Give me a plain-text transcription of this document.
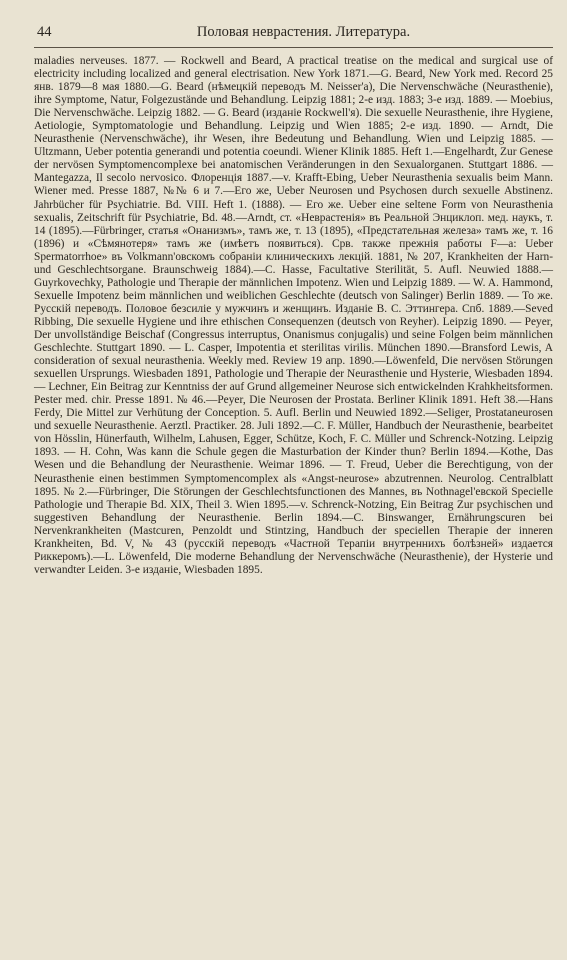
44	Половая неврастения. Литература.

maladies nerveuses. 1877. — Rockwell and Beard, A practical treatise on the medical and surgical use of electricity including localized and general electrisation. New York 1871.—G. Beard, New York med. Record 25 янв. 1879—8 мая 1880.—G. Beard (нѣмецкій переводъ M. Neisser'a), Die Nervenschwäche (Neurasthenie), ihre Symptome, Natur, Folgezustände und Behandlung. Leipzig 1881; 2-е изд. 1883; 3-е изд. 1889. — Moebius, Die Nervenschwäche. Leipzig 1882. — G. Beard (изданіе Rockwell'я). Die sexuelle Neurasthenie, ihre Hygiene, Aetiologie, Symptomatologie und Behandlung. Leipzig und Wien 1885; 2-е изд. 1890. — Arndt, Die Neurasthenie (Nervenschwäche), ihr Wesen, ihre Bedeutung und Behandlung. Wien und Leipzig 1885. — Ultzmann, Ueber potentia generandi und potentia coeundi. Wiener Klinik 1885. Heft 1.—Engelhardt, Zur Genese der nervösen Symptomencomplexe bei anatomischen Veränderungen in den Sexualorganen. Stuttgart 1886. — Mantegazza, Il secolo nervosico. Флоренція 1887.—v. Krafft-Ebing, Ueber Neurasthenia sexualis beim Mann. Wiener med. Presse 1887, №№ 6 и 7.—Его же, Ueber Neurosen und Psychosen durch sexuelle Abstinenz. Jahrbücher für Psychiatrie. Bd. VIII. Heft 1. (1888). — Его же. Ueber eine seltene Form von Neurasthenia sexualis, Zeitschrift für Psychiatrie, Bd. 48.—Arndt, ст. «Неврастенія» въ Реальной Энциклоп. мед. наукъ, т. 14 (1895).—Fürbringer, статья «Онанизмъ», тамъ же, т. 13 (1895), «Предстательная железа» тамъ же, т. 16 (1896) и «Сѣмянотеря» тамъ же (имѣетъ появиться). Срв. также прежнія работы F—a: Ueber Spermatorrhoe» въ Volkmann'овскомъ собраніи клиническихъ лекцій. 1881, № 207, Krankheiten der Harn- und Geschlechtsorgane. Braunschweig 1884).—C. Hasse, Facultative Sterilität, 5. Aufl. Neuwied 1888.—Guyrkovechky, Pathologie und Therapie der männlichen Impotenz. Wien und Leipzig 1889. — W. A. Hammond, Sexuelle Impotenz beim männlichen und weiblichen Geschlechte (deutsch von Salinger) Berlin 1889. — То же. Русскій переводъ. Половое безсиліе у мужчинъ и женщинъ. Изданіе В. С. Эттингера. Спб. 1889.—Seved Ribbing, Die sexuelle Hygiene und ihre ethischen Consequenzen (deutsch von Reyher). Leipzig 1890. — Peyer, Der unvollständige Beischaf (Congressus interruptus, Onanismus conjugalis) und seine Folgen beim männlichen Geschlechte. Stuttgart 1890. — L. Casper, Impotentia et sterilitas virilis. München 1890.—Bransford Lewis, A consideration of sexual neurasthenia. Weekly med. Review 19 апр. 1890.—Löwenfeld, Die nervösen Störungen sexuellen Ursprungs. Wiesbaden 1891, Pathologie und Therapie der Neurasthenie und Hysterie, Wiesbaden 1894. — Lechner, Ein Beitrag zur Kenntniss der auf Grund allgemeiner Neurose sich entwickelnden Krahkheitsformen. Pester med. chir. Presse 1891. № 46.—Peyer, Die Neurosen der Prostata. Berliner Klinik 1891. Heft 38.—Hans Ferdy, Die Mittel zur Verhütung der Conception. 5. Aufl. Berlin und Neuwied 1892.—Seliger, Prostataneurosen und sexuelle Neurasthenie. Aerztl. Practiker. 28. Juli 1892.—C. F. Müller, Handbuch der Neurasthenie, bearbeitet von Hösslin, Hünerfauth, Wilhelm, Lahusen, Egger, Schütze, Koch, F. C. Müller und Schrenck-Notzing. Leipzig 1893. — H. Cohn, Was kann die Schule gegen die Masturbation der Kinder thun? Berlin 1894.—Kothe, Das Wesen und die Behandlung der Neurasthenie. Weimar 1896. — T. Freud, Ueber die Berechtigung, von der Neurasthenie einen bestimmen Symptomencomplex als «Angst-neurose» abzutrennen. Neurolog. Centralblatt 1895. № 2.—Fürbringer, Die Störungen der Geschlechtsfunctionen des Mannes, въ Nothnagel'евской Specielle Pathologie und Therapie Bd. XIX, Theil 3. Wien 1895.—v. Schrenck-Notzing, Ein Beitrag Zur psychischen und suggestiven Behandlung der Neurasthenie. Berlin 1894.—C. Binswanger, Ernährungscuren bei Nervenkrankheiten (Mastcuren, Penzoldt und Stintzing, Handbuch der speciellen Therapie der inneren Krankheiten, Bd. V, № 43 (русскій переводъ «Частной Терапіи внутреннихъ болѣзней» издается Риккеромъ).—L. Löwenfeld, Die moderne Behandlung der Nervenschwäche (Neurasthenie), der Hysterie und verwandter Leiden. 3-е изданіе, Wiesbaden 1895.
